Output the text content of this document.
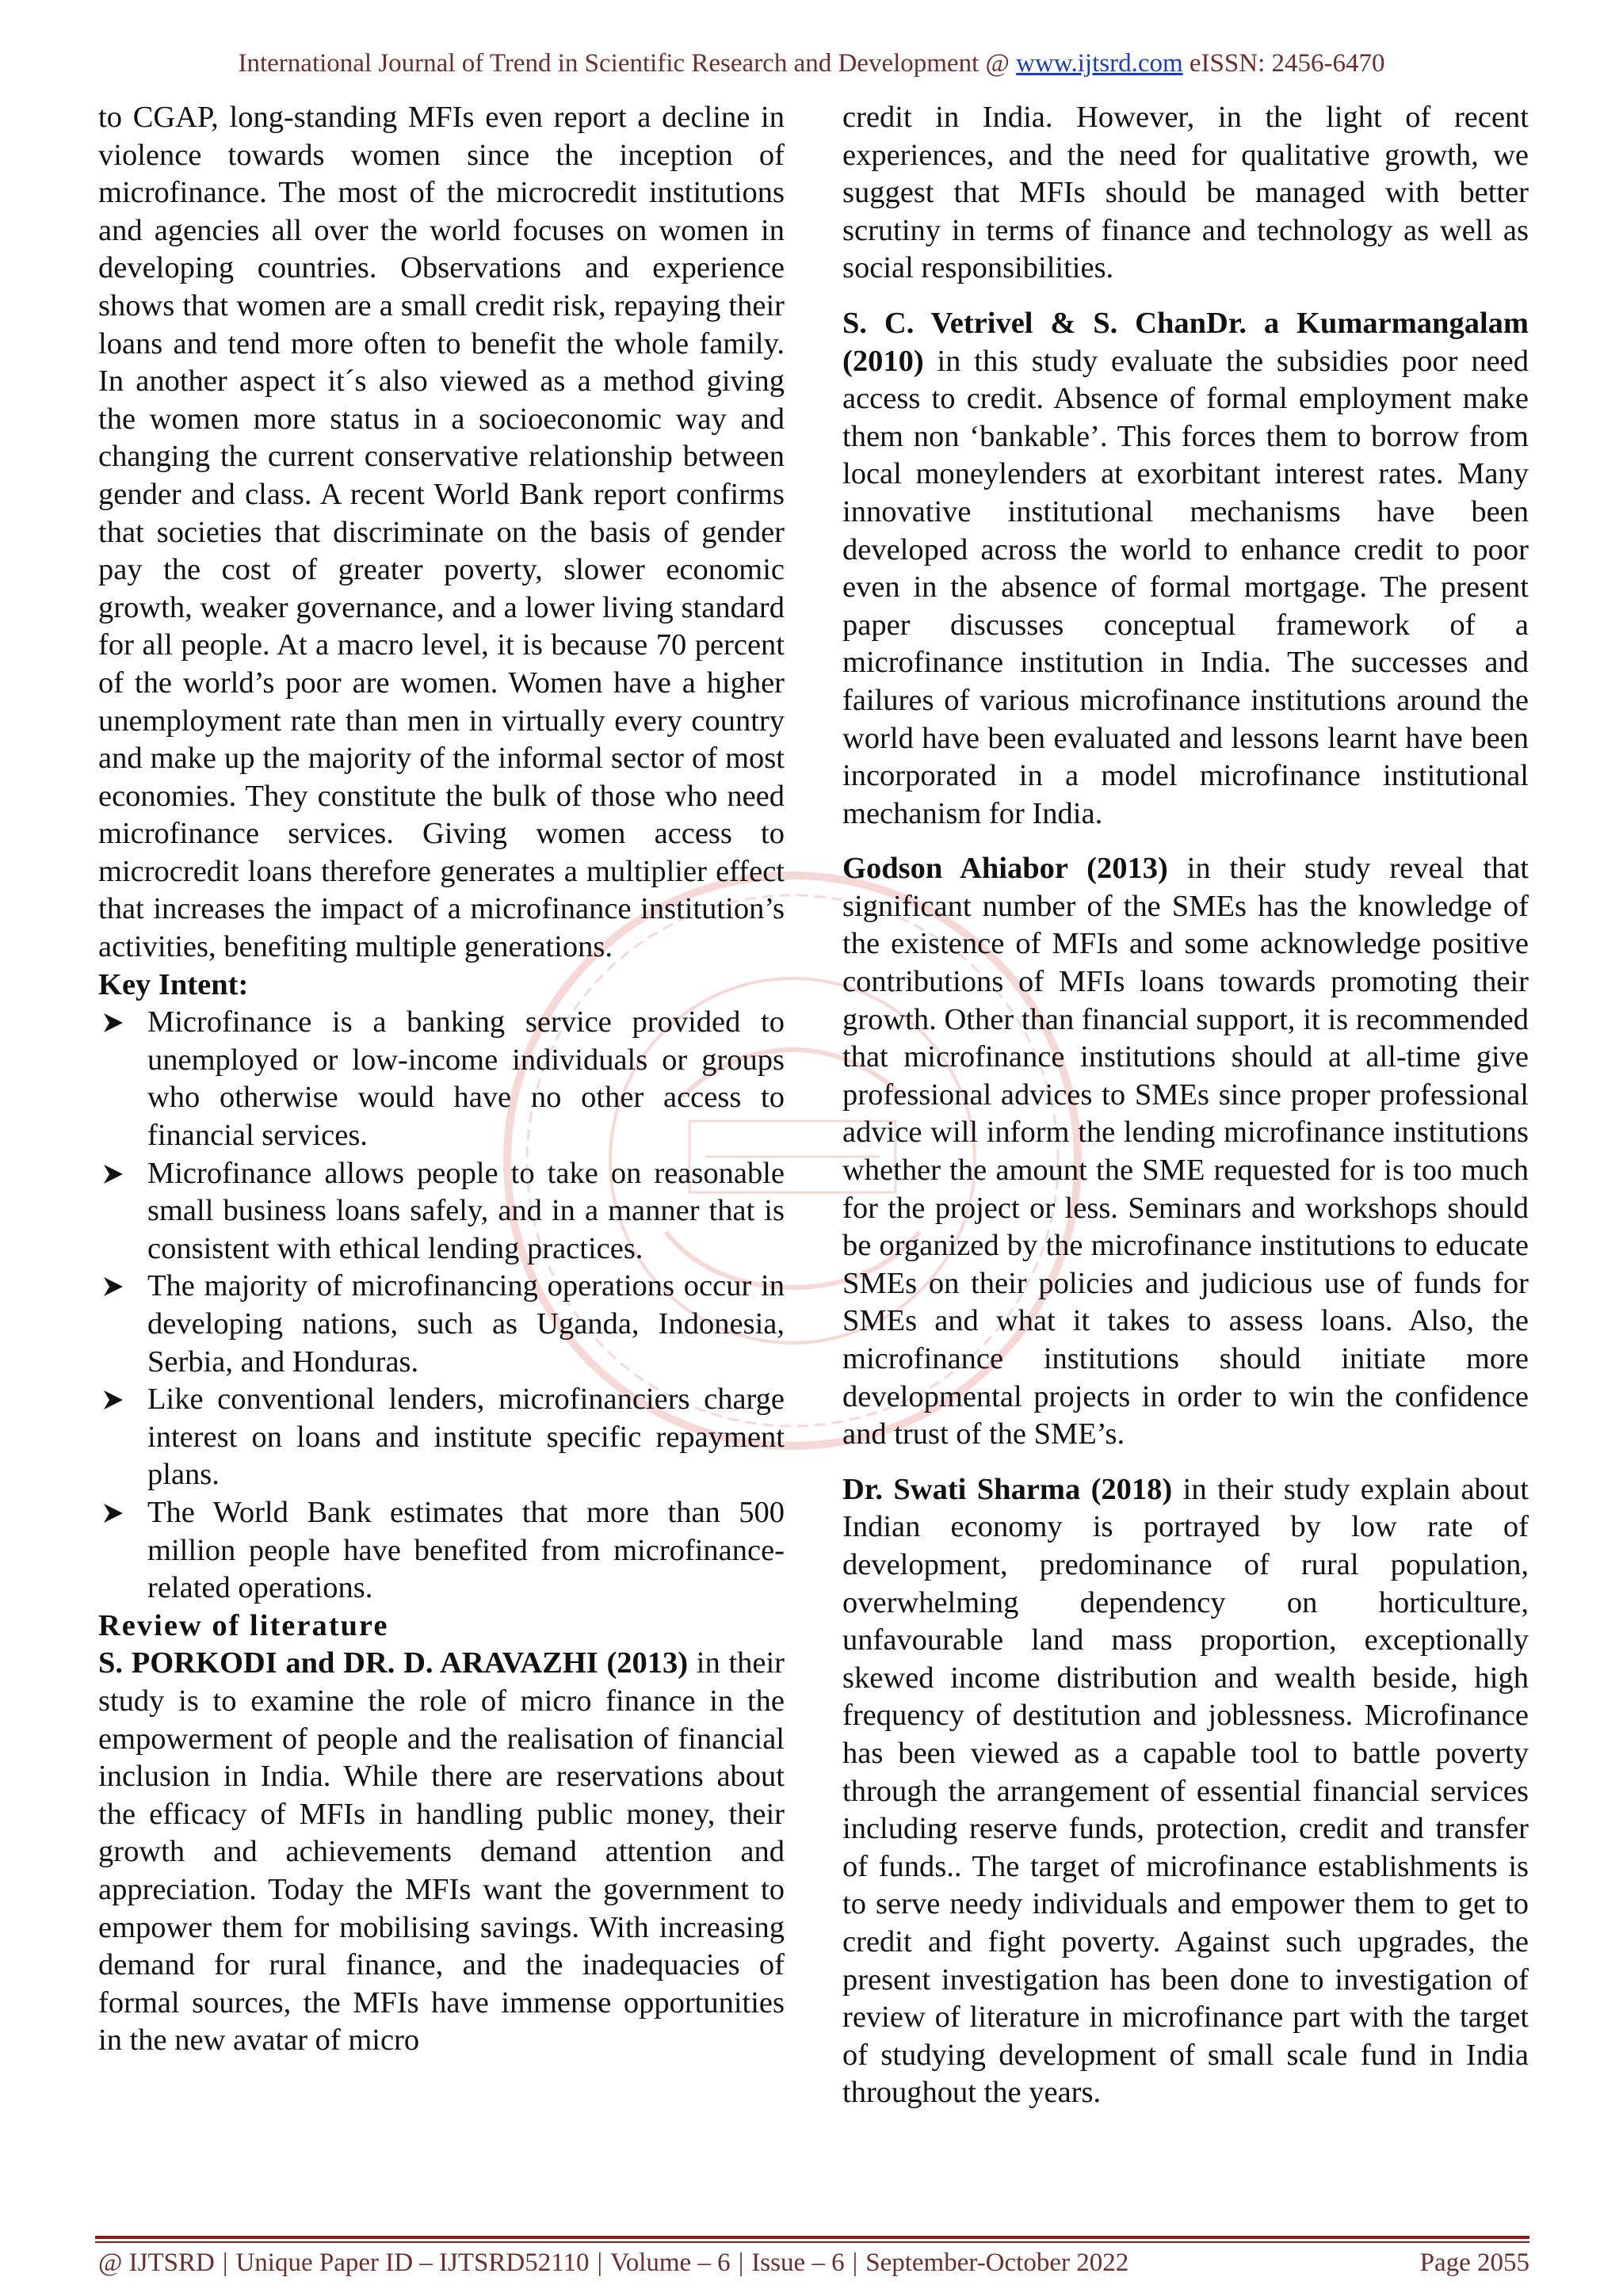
International Journal of Trend in Scientific Research and Development @ www.ijtsrd.com eISSN: 2456-6470

to CGAP, long-standing MFIs even report a decline in violence towards women since the inception of microfinance. The most of the microcredit institutions and agencies all over the world focuses on women in developing countries. Observations and experience shows that women are a small credit risk, repaying their loans and tend more often to benefit the whole family. In another aspect it´s also viewed as a method giving the women more status in a socioeconomic way and changing the current conservative relationship between gender and class. A recent World Bank report confirms that societies that discriminate on the basis of gender pay the cost of greater poverty, slower economic growth, weaker governance, and a lower living standard for all people. At a macro level, it is because 70 percent of the world’s poor are women. Women have a higher unemployment rate than men in virtually every country and make up the majority of the informal sector of most economies. They constitute the bulk of those who need microfinance services. Giving women access to microcredit loans therefore generates a multiplier effect that increases the impact of a microfinance institution’s activities, benefiting multiple generations.

Key Intent:

Microfinance is a banking service provided to unemployed or low-income individuals or groups who otherwise would have no other access to financial services.
Microfinance allows people to take on reasonable small business loans safely, and in a manner that is consistent with ethical lending practices.
The majority of microfinancing operations occur in developing nations, such as Uganda, Indonesia, Serbia, and Honduras.
Like conventional lenders, microfinanciers charge interest on loans and institute specific repayment plans.
The World Bank estimates that more than 500 million people have benefited from microfinance-related operations.

Review of literature

S. PORKODI and DR. D. ARAVAZHI (2013) in their study is to examine the role of micro finance in the empowerment of people and the realisation of financial inclusion in India. While there are reservations about the efficacy of MFIs in handling public money, their growth and achievements demand attention and appreciation. Today the MFIs want the government to empower them for mobilising savings. With increasing demand for rural finance, and the inadequacies of formal sources, the MFIs have immense opportunities in the new avatar of micro

credit in India. However, in the light of recent experiences, and the need for qualitative growth, we suggest that MFIs should be managed with better scrutiny in terms of finance and technology as well as social responsibilities.

S. C. Vetrivel & S. ChanDr. a Kumarmangalam (2010) in this study evaluate the subsidies poor need access to credit. Absence of formal employment make them non ‘bankable’. This forces them to borrow from local moneylenders at exorbitant interest rates. Many innovative institutional mechanisms have been developed across the world to enhance credit to poor even in the absence of formal mortgage. The present paper discusses conceptual framework of a microfinance institution in India. The successes and failures of various microfinance institutions around the world have been evaluated and lessons learnt have been incorporated in a model microfinance institutional mechanism for India.

Godson Ahiabor (2013) in their study reveal that significant number of the SMEs has the knowledge of the existence of MFIs and some acknowledge positive contributions of MFIs loans towards promoting their growth. Other than financial support, it is recommended that microfinance institutions should at all-time give professional advices to SMEs since proper professional advice will inform the lending microfinance institutions whether the amount the SME requested for is too much for the project or less. Seminars and workshops should be organized by the microfinance institutions to educate SMEs on their policies and judicious use of funds for SMEs and what it takes to assess loans. Also, the microfinance institutions should initiate more developmental projects in order to win the confidence and trust of the SME’s.

Dr. Swati Sharma (2018) in their study explain about Indian economy is portrayed by low rate of development, predominance of rural population, overwhelming dependency on horticulture, unfavourable land mass proportion, exceptionally skewed income distribution and wealth beside, high frequency of destitution and joblessness. Microfinance has been viewed as a capable tool to battle poverty through the arrangement of essential financial services including reserve funds, protection, credit and transfer of funds.. The target of microfinance establishments is to serve needy individuals and empower them to get to credit and fight poverty. Against such upgrades, the present investigation has been done to investigation of review of literature in microfinance part with the target of studying development of small scale fund in India throughout the years.

@ IJTSRD | Unique Paper ID – IJTSRD52110 | Volume – 6 | Issue – 6 | September-October 2022	Page 2055
